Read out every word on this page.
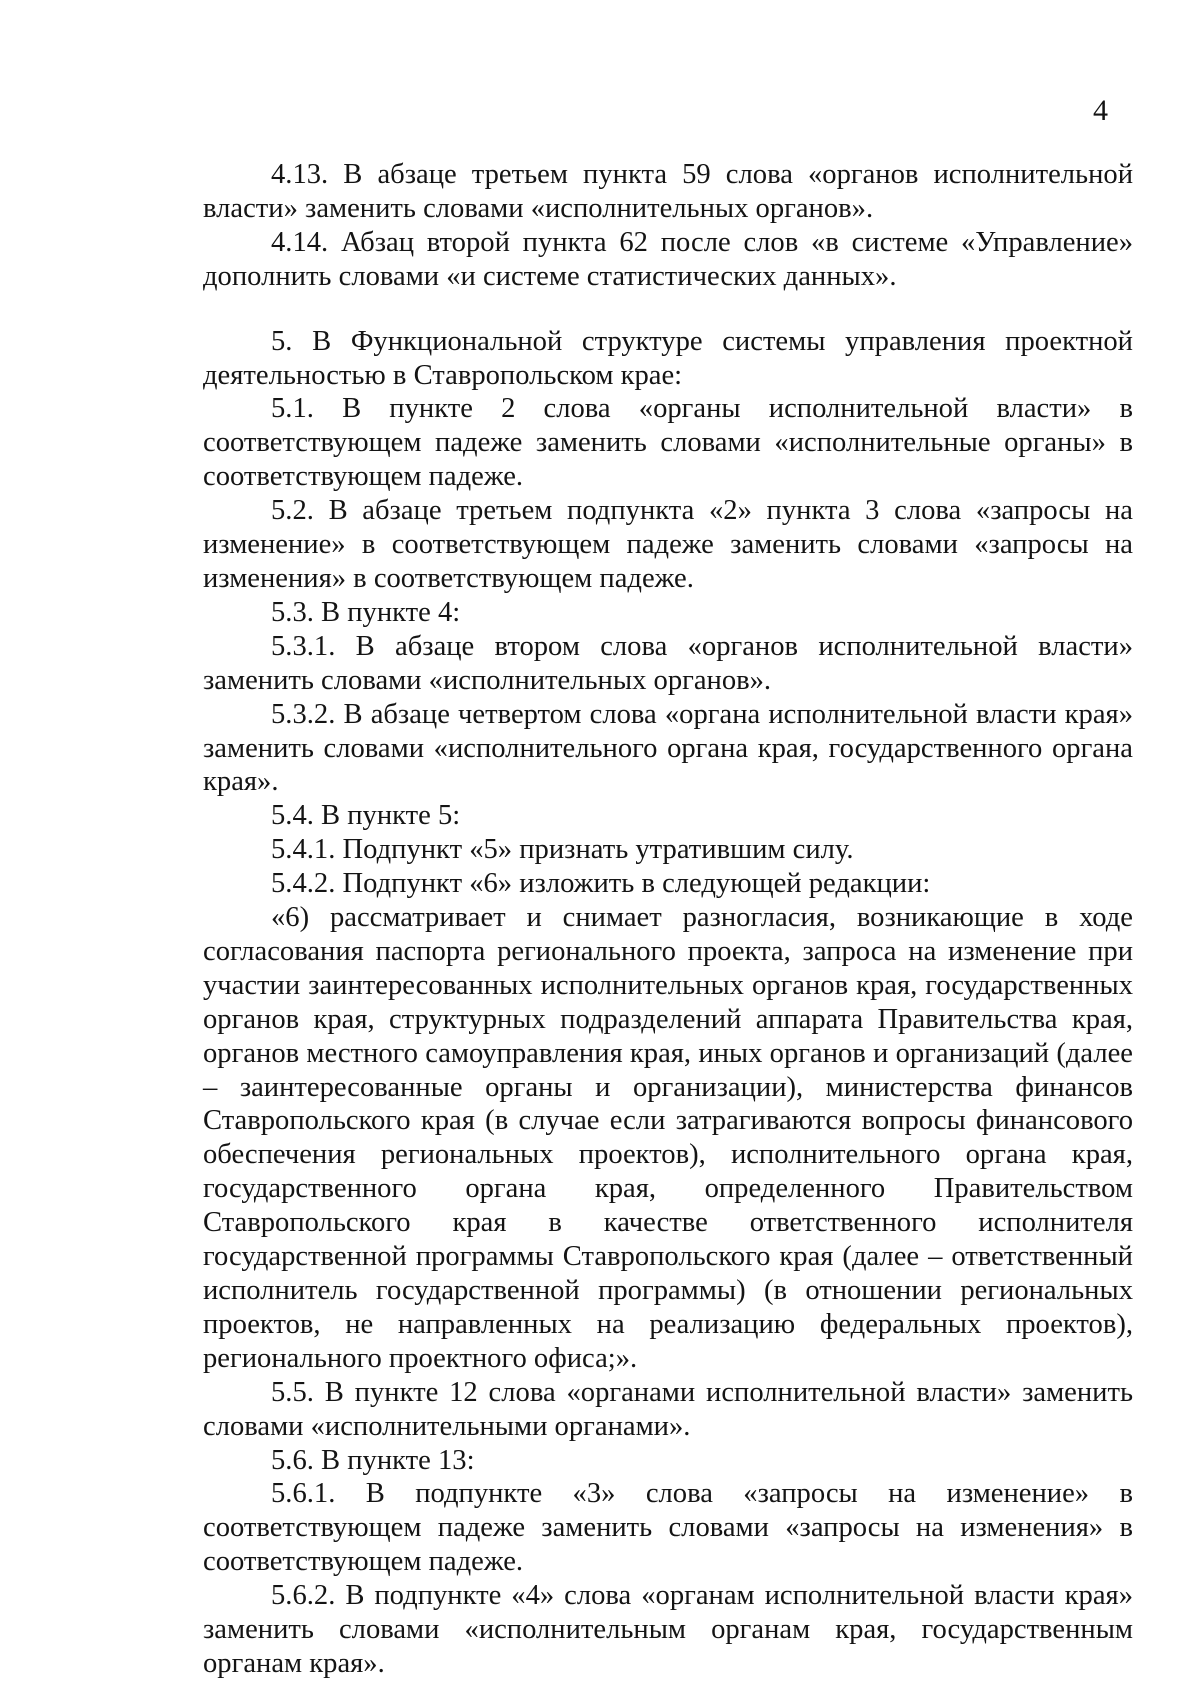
4

4.13. В абзаце третьем пункта 59 слова «органов исполнительной власти» заменить словами «исполнительных органов».

4.14. Абзац второй пункта 62 после слов «в системе «Управление» дополнить словами «и системе статистических данных».

5. В Функциональной структуре системы управления проектной деятельностью в Ставропольском крае:

5.1. В пункте 2 слова «органы исполнительной власти» в соответствующем падеже заменить словами «исполнительные органы» в соответствующем падеже.

5.2. В абзаце третьем подпункта «2» пункта 3 слова «запросы на изменение» в соответствующем падеже заменить словами «запросы на изменения» в соответствующем падеже.

5.3. В пункте 4:

5.3.1. В абзаце втором слова «органов исполнительной власти» заменить словами «исполнительных органов».

5.3.2. В абзаце четвертом слова «органа исполнительной власти края» заменить словами «исполнительного органа края, государственного органа края».

5.4. В пункте 5:

5.4.1. Подпункт «5» признать утратившим силу.

5.4.2. Подпункт «6» изложить в следующей редакции:

«6) рассматривает и снимает разногласия, возникающие в ходе согласования паспорта регионального проекта, запроса на изменение при участии заинтересованных исполнительных органов края, государственных органов края, структурных подразделений аппарата Правительства края, органов местного самоуправления края, иных органов и организаций (далее – заинтересованные органы и организации), министерства финансов Ставропольского края (в случае если затрагиваются вопросы финансового обеспечения региональных проектов), исполнительного органа края, государственного органа края, определенного Правительством Ставропольского края в качестве ответственного исполнителя государственной программы Ставропольского края (далее – ответственный исполнитель государственной программы) (в отношении региональных проектов, не направленных на реализацию федеральных проектов), регионального проектного офиса;».

5.5. В пункте 12 слова «органами исполнительной власти» заменить словами «исполнительными органами».

5.6. В пункте 13:

5.6.1. В подпункте «3» слова «запросы на изменение» в соответствующем падеже заменить словами «запросы на изменения» в соответствующем падеже.

5.6.2. В подпункте «4» слова «органам исполнительной власти края» заменить словами «исполнительным органам края, государственным органам края».
